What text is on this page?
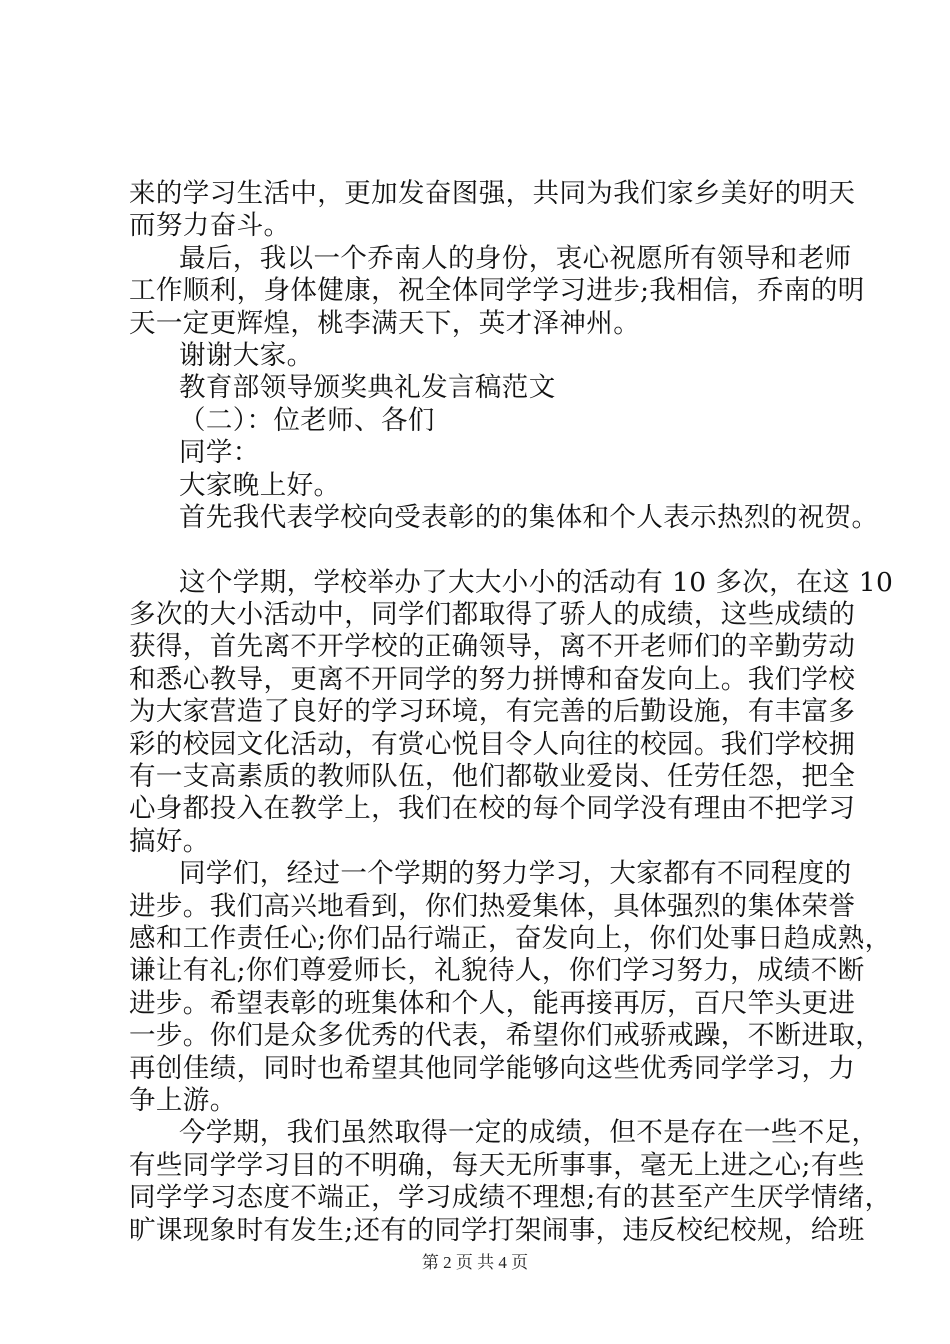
来的学习生活中，更加发奋图强，共同为我们家乡美好的明天
而努力奋斗。
最后，我以一个乔南人的身份，衷心祝愿所有领导和老师
工作顺利，身体健康，祝全体同学学习进步;我相信，乔南的明
天一定更辉煌，桃李满天下，英才泽神州。
谢谢大家。
教育部领导颁奖典礼发言稿范文
（二）：位老师、各们
同学：
大家晚上好。
首先我代表学校向受表彰的的集体和个人表示热烈的祝贺。
这个学期，学校举办了大大小小的活动有 10 多次，在这 10
多次的大小活动中，同学们都取得了骄人的成绩，这些成绩的
获得，首先离不开学校的正确领导，离不开老师们的辛勤劳动
和悉心教导，更离不开同学的努力拼博和奋发向上。我们学校
为大家营造了良好的学习环境，有完善的后勤设施，有丰富多
彩的校园文化活动，有赏心悦目令人向往的校园。我们学校拥
有一支高素质的教师队伍，他们都敬业爱岗、任劳任怨，把全
心身都投入在教学上，我们在校的每个同学没有理由不把学习
搞好。
同学们，经过一个学期的努力学习，大家都有不同程度的
进步。我们高兴地看到，你们热爱集体，具体强烈的集体荣誉
感和工作责任心;你们品行端正，奋发向上，你们处事日趋成熟，
谦让有礼;你们尊爱师长，礼貌待人，你们学习努力，成绩不断
进步。希望表彰的班集体和个人，能再接再厉，百尺竿头更进
一步。你们是众多优秀的代表，希望你们戒骄戒躁，不断进取，
再创佳绩，同时也希望其他同学能够向这些优秀同学学习，力
争上游。
今学期，我们虽然取得一定的成绩，但不是存在一些不足，
有些同学学习目的不明确，每天无所事事，毫无上进之心;有些
同学学习态度不端正，学习成绩不理想;有的甚至产生厌学情绪，
旷课现象时有发生;还有的同学打架闹事，违反校纪校规，给班
第 2 页 共 4 页
